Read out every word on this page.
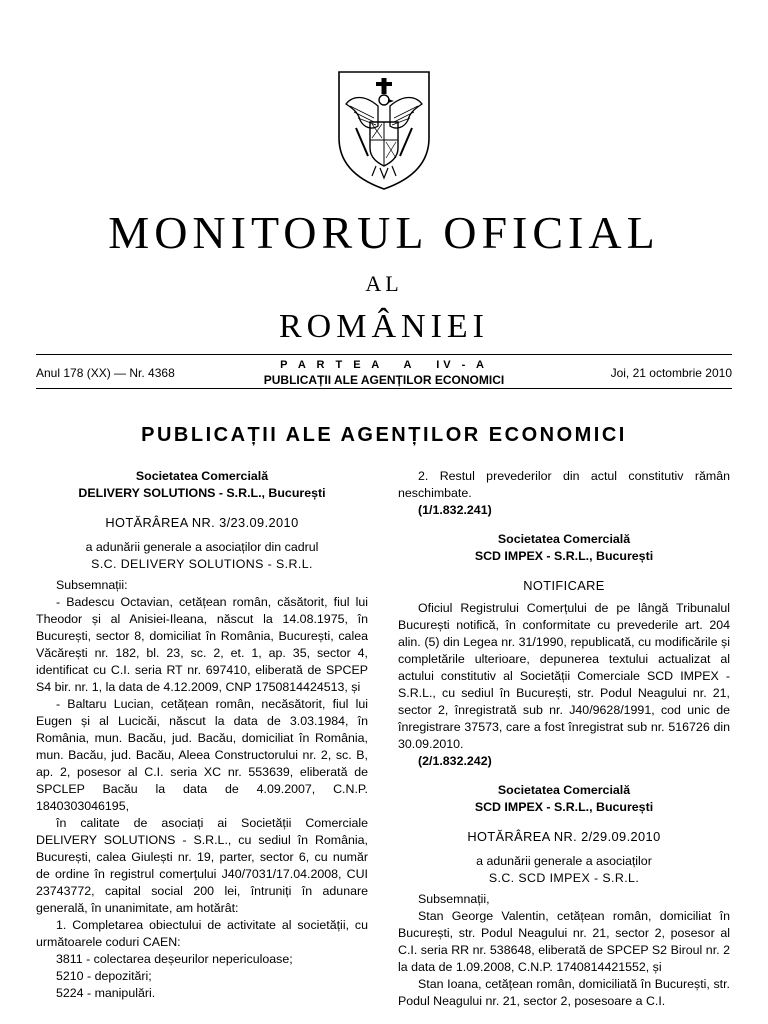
MONITORUL OFICIAL
AL
ROMÂNIEI
Anul 178 (XX) — Nr. 4368
P A R T E A   A   IV - A
PUBLICAȚII ALE AGENȚILOR ECONOMICI	Joi, 21 octombrie 2010
PUBLICAȚII ALE AGENȚILOR ECONOMICI

Societatea Comercială

DELIVERY SOLUTIONS - S.R.L., București

HOTĂRÂREA NR. 3/23.09.2010

a adunării generale a asociaților din cadrul

S.C. DELIVERY SOLUTIONS - S.R.L.

Subsemnații:

- Badescu Octavian, cetățean român, căsătorit, fiul lui Theodor și al Anisiei-Ileana, născut la 14.08.1975, în București, sector 8, domiciliat în România, București, calea Văcărești nr. 182, bl. 23, sc. 2, et. 1, ap. 35, sector 4, identificat cu C.I. seria RT nr. 697410, eliberată de SPCEP S4 bir. nr. 1, la data de 4.12.2009, CNP 1750814424513, și

- Baltaru Lucian, cetățean român, necăsătorit, fiul lui Eugen și al Lucicăi, născut la data de 3.03.1984, în România, mun. Bacău, jud. Bacău, domiciliat în România, mun. Bacău, jud. Bacău, Aleea Constructorului nr. 2, sc. B, ap. 2, posesor al C.I. seria XC nr. 553639, eliberată de SPCLEP Bacău la data de 4.09.2007, C.N.P. 1840303046195,

în calitate de asociați ai Societății Comerciale DELIVERY SOLUTIONS - S.R.L., cu sediul în România, București, calea Giulești nr. 19, parter, sector 6, cu număr de ordine în registrul comerțului J40/7031/17.04.2008, CUI 23743772, capital social 200 lei, întruniți în adunare generală, în unanimitate, am hotărât:

1. Completarea obiectului de activitate al societății, cu următoarele coduri CAEN:

3811 - colectarea deșeurilor nepericuloase;

5210 - depozitări;

5224 - manipulări.

2. Restul prevederilor din actul constitutiv rămân neschimbate.

(1/1.832.241)

Societatea Comercială

SCD IMPEX - S.R.L., București

NOTIFICARE

Oficiul Registrului Comerțului de pe lângă Tribunalul București notifică, în conformitate cu prevederile art. 204 alin. (5) din Legea nr. 31/1990, republicată, cu modificările și completările ulterioare, depunerea textului actualizat al actului constitutiv al Societății Comerciale SCD IMPEX - S.R.L., cu sediul în București, str. Podul Neagului nr. 21, sector 2, înregistrată sub nr. J40/9628/1991, cod unic de înregistrare 37573, care a fost înregistrat sub nr. 516726 din 30.09.2010.

(2/1.832.242)

Societatea Comercială

SCD IMPEX - S.R.L., București

HOTĂRÂREA NR. 2/29.09.2010

a adunării generale a asociaților

S.C. SCD IMPEX - S.R.L.

Subsemnații,

Stan George Valentin, cetățean român, domiciliat în București, str. Podul Neagului nr. 21, sector 2, posesor al C.I. seria RR nr. 538648, eliberată de SPCEP S2 Biroul nr. 2 la data de 1.09.2008, C.N.P. 1740814421552, și

Stan Ioana, cetățean român, domiciliată în București, str. Podul Neagului nr. 21, sector 2, posesoare a C.I.
